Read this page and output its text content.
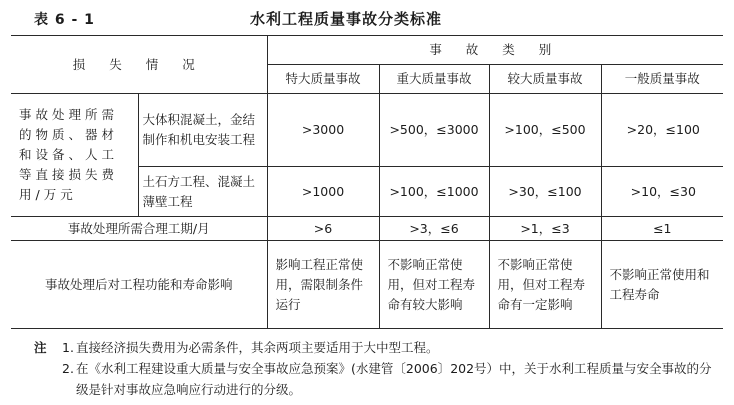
表 6 - 1	水利工程质量事故分类标准
损 失 情 况		事 故 类 别			
		特大质量事故	重大质量事故	较大质量事故	一般质量事故
事故处理所需的物质、器材和设备、人工等直接损失费用/万元	大体积混凝土，金结制作和机电安装工程	>3000	>500，≤3000	>100，≤500	>20，≤100
	土石方工程、混凝土薄壁工程	>1000	>100，≤1000	>30，≤100	>10，≤30
事故处理所需合理工期/月		>6	>3，≤6	>1，≤3	≤1
事故处理后对工程功能和寿命影响		影响工程正常使用，需限制条件运行	不影响正常使用，但对工程寿命有较大影响	不影响正常使用，但对工程寿命有一定影响	不影响正常使用和工程寿命
注 1. 直接经济损失费用为必需条件，其余两项主要适用于大中型工程。
2. 在《水利工程建设重大质量与安全事故应急预案》(水建管〔2006〕202号）中，关于水利工程质量与安全事故的分级是针对事故应急响应行动进行的分级。
